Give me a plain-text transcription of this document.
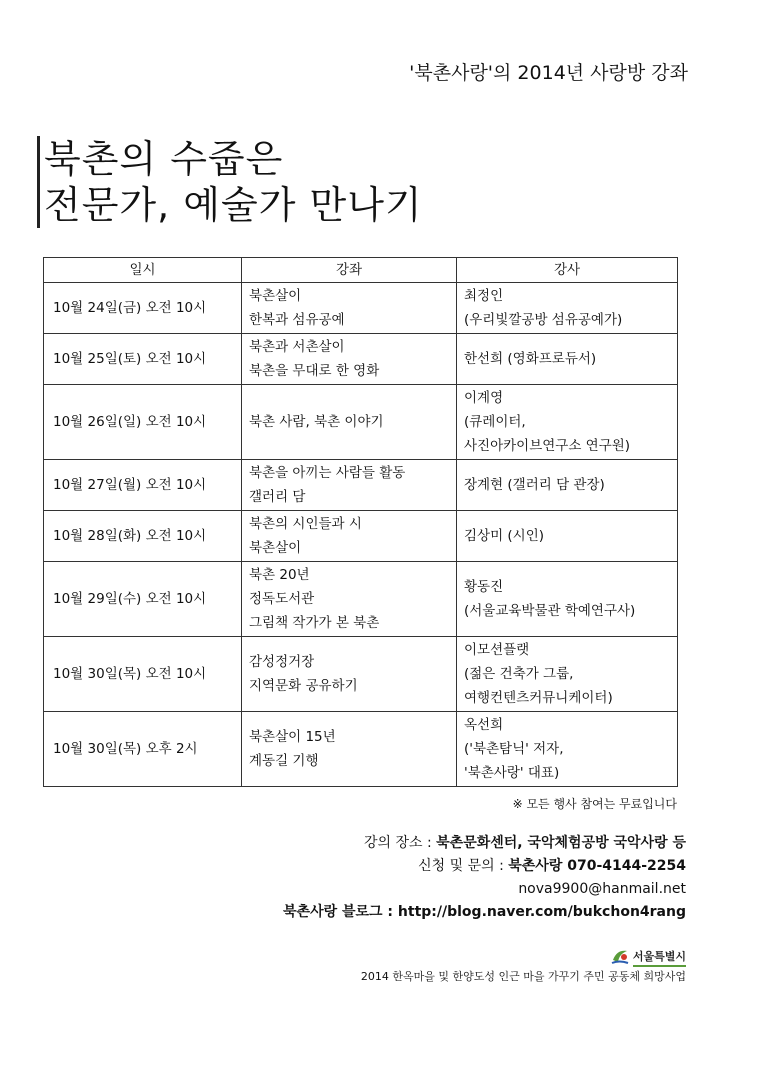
'북촌사랑'의 2014년 사랑방 강좌
북촌의 수줍은
전문가, 예술가 만나기
일시	강좌	강사
10월 24일(금) 오전 10시	북촌살이
한복과 섬유공예	최정인
(우리빛깔공방 섬유공예가)

10월 25일(토) 오전 10시	북촌과 서촌살이
북촌을 무대로 한 영화	한선희 (영화프로듀서)

10월 26일(일) 오전 10시	북촌 사람, 북촌 이야기	이계영
(큐레이터,
사진아카이브연구소 연구원)

10월 27일(월) 오전 10시	북촌을 아끼는 사람들 활동
갤러리 담	장계현 (갤러리 담 관장)

10월 28일(화) 오전 10시	북촌의 시인들과 시
북촌살이	김상미 (시인)

10월 29일(수) 오전 10시	북촌 20년
정독도서관
그림책 작가가 본 북촌	황동진
(서울교육박물관 학예연구사)

10월 30일(목) 오전 10시	감성정거장
지역문화 공유하기	이모션플랫
(젊은 건축가 그룹,
여행컨텐츠커뮤니케이터)

10월 30일(목) 오후 2시	북촌살이 15년
계동길 기행	옥선희
('북촌탐닉' 저자,
'북촌사랑' 대표)
※ 모든 행사 참여는 무료입니다
강의 장소 : 북촌문화센터, 국악체험공방 국악사랑 등
신청 및 문의 : 북촌사랑 070-4144-2254
nova9900@hanmail.net
북촌사랑 블로그 : http://blog.naver.com/bukchon4rang
서울특별시
2014 한옥마을 및 한양도성 인근 마을 가꾸기 주민 공동체 희망사업
